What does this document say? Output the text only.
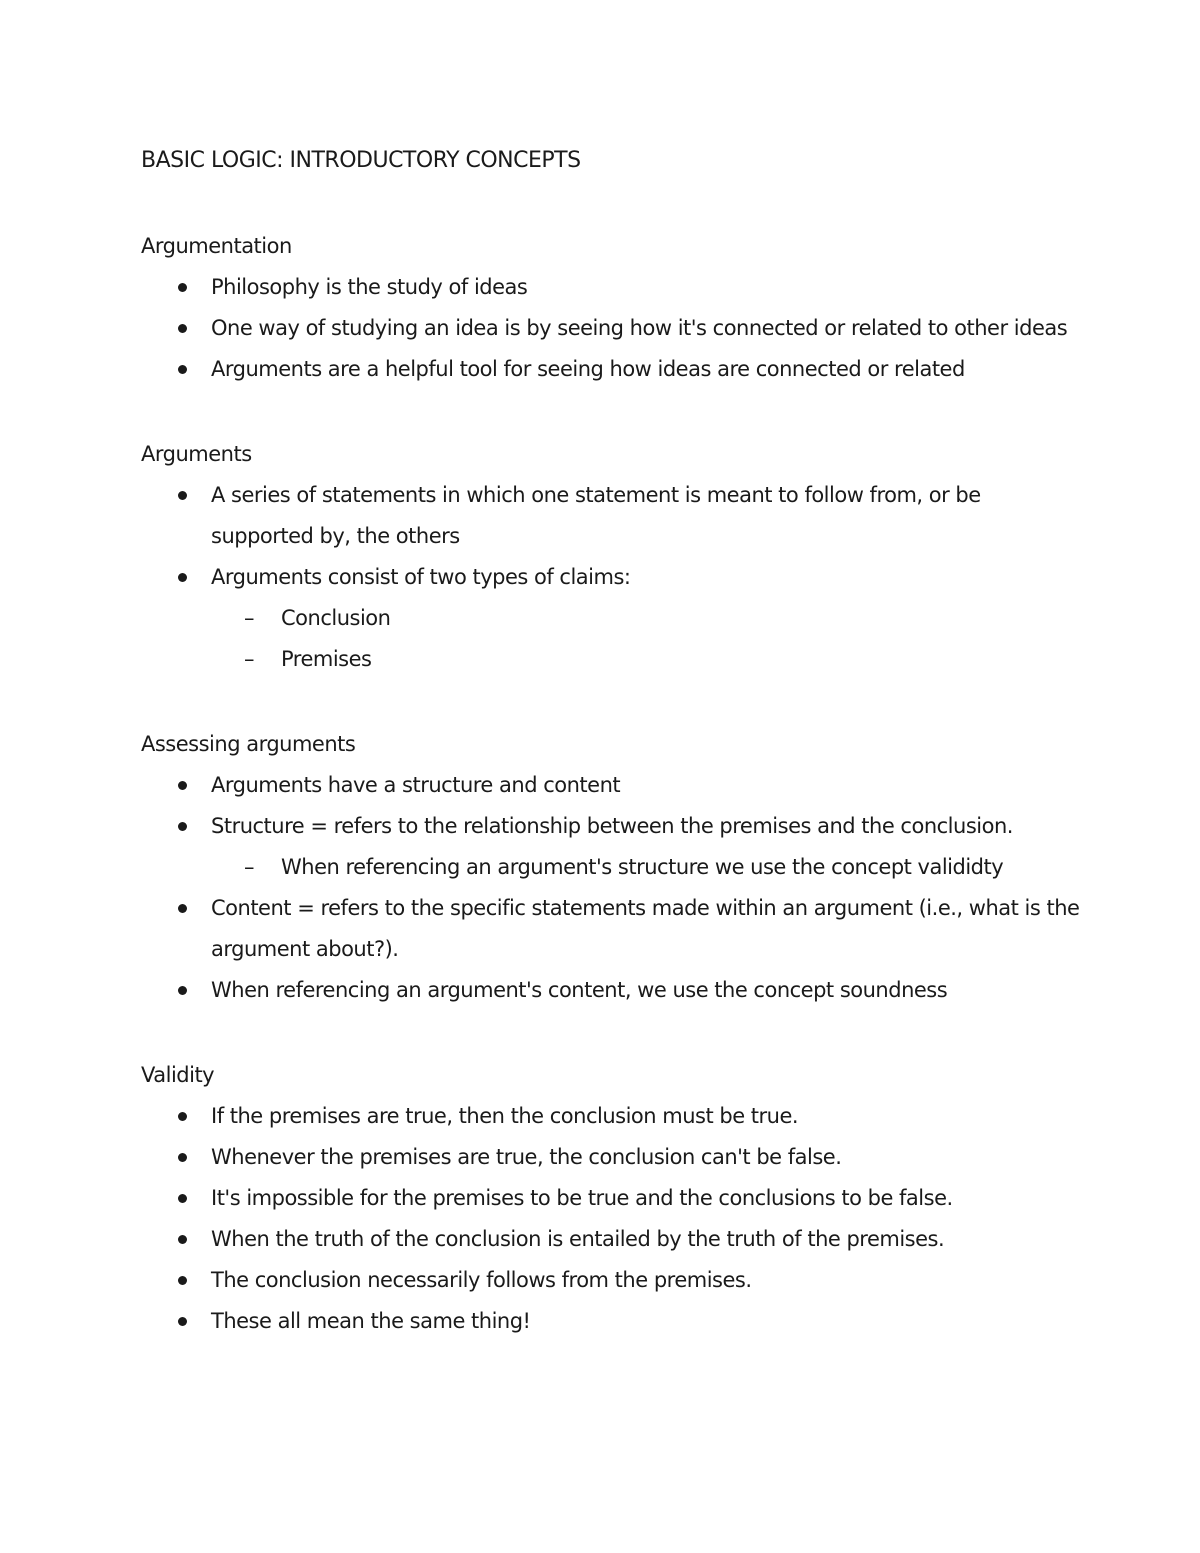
BASIC LOGIC: INTRODUCTORY CONCEPTS
Argumentation
Philosophy is the study of ideas
One way of studying an idea is by seeing how it's connected or related to other ideas
Arguments are a helpful tool for seeing how ideas are connected or related
Arguments
A series of statements in which one statement is meant to follow from, or be supported by, the others
Arguments consist of two types of claims:
– Conclusion
– Premises
Assessing arguments
Arguments have a structure and content
Structure = refers to the relationship between the premises and the conclusion.
– When referencing an argument's structure we use the concept valididty
Content = refers to the specific statements made within an argument (i.e., what is the argument about?).
When referencing an argument's content, we use the concept soundness
Validity
If the premises are true, then the conclusion must be true.
Whenever the premises are true, the conclusion can't be false.
It's impossible for the premises to be true and the conclusions to be false.
When the truth of the conclusion is entailed by the truth of the premises.
The conclusion necessarily follows from the premises.
These all mean the same thing!
